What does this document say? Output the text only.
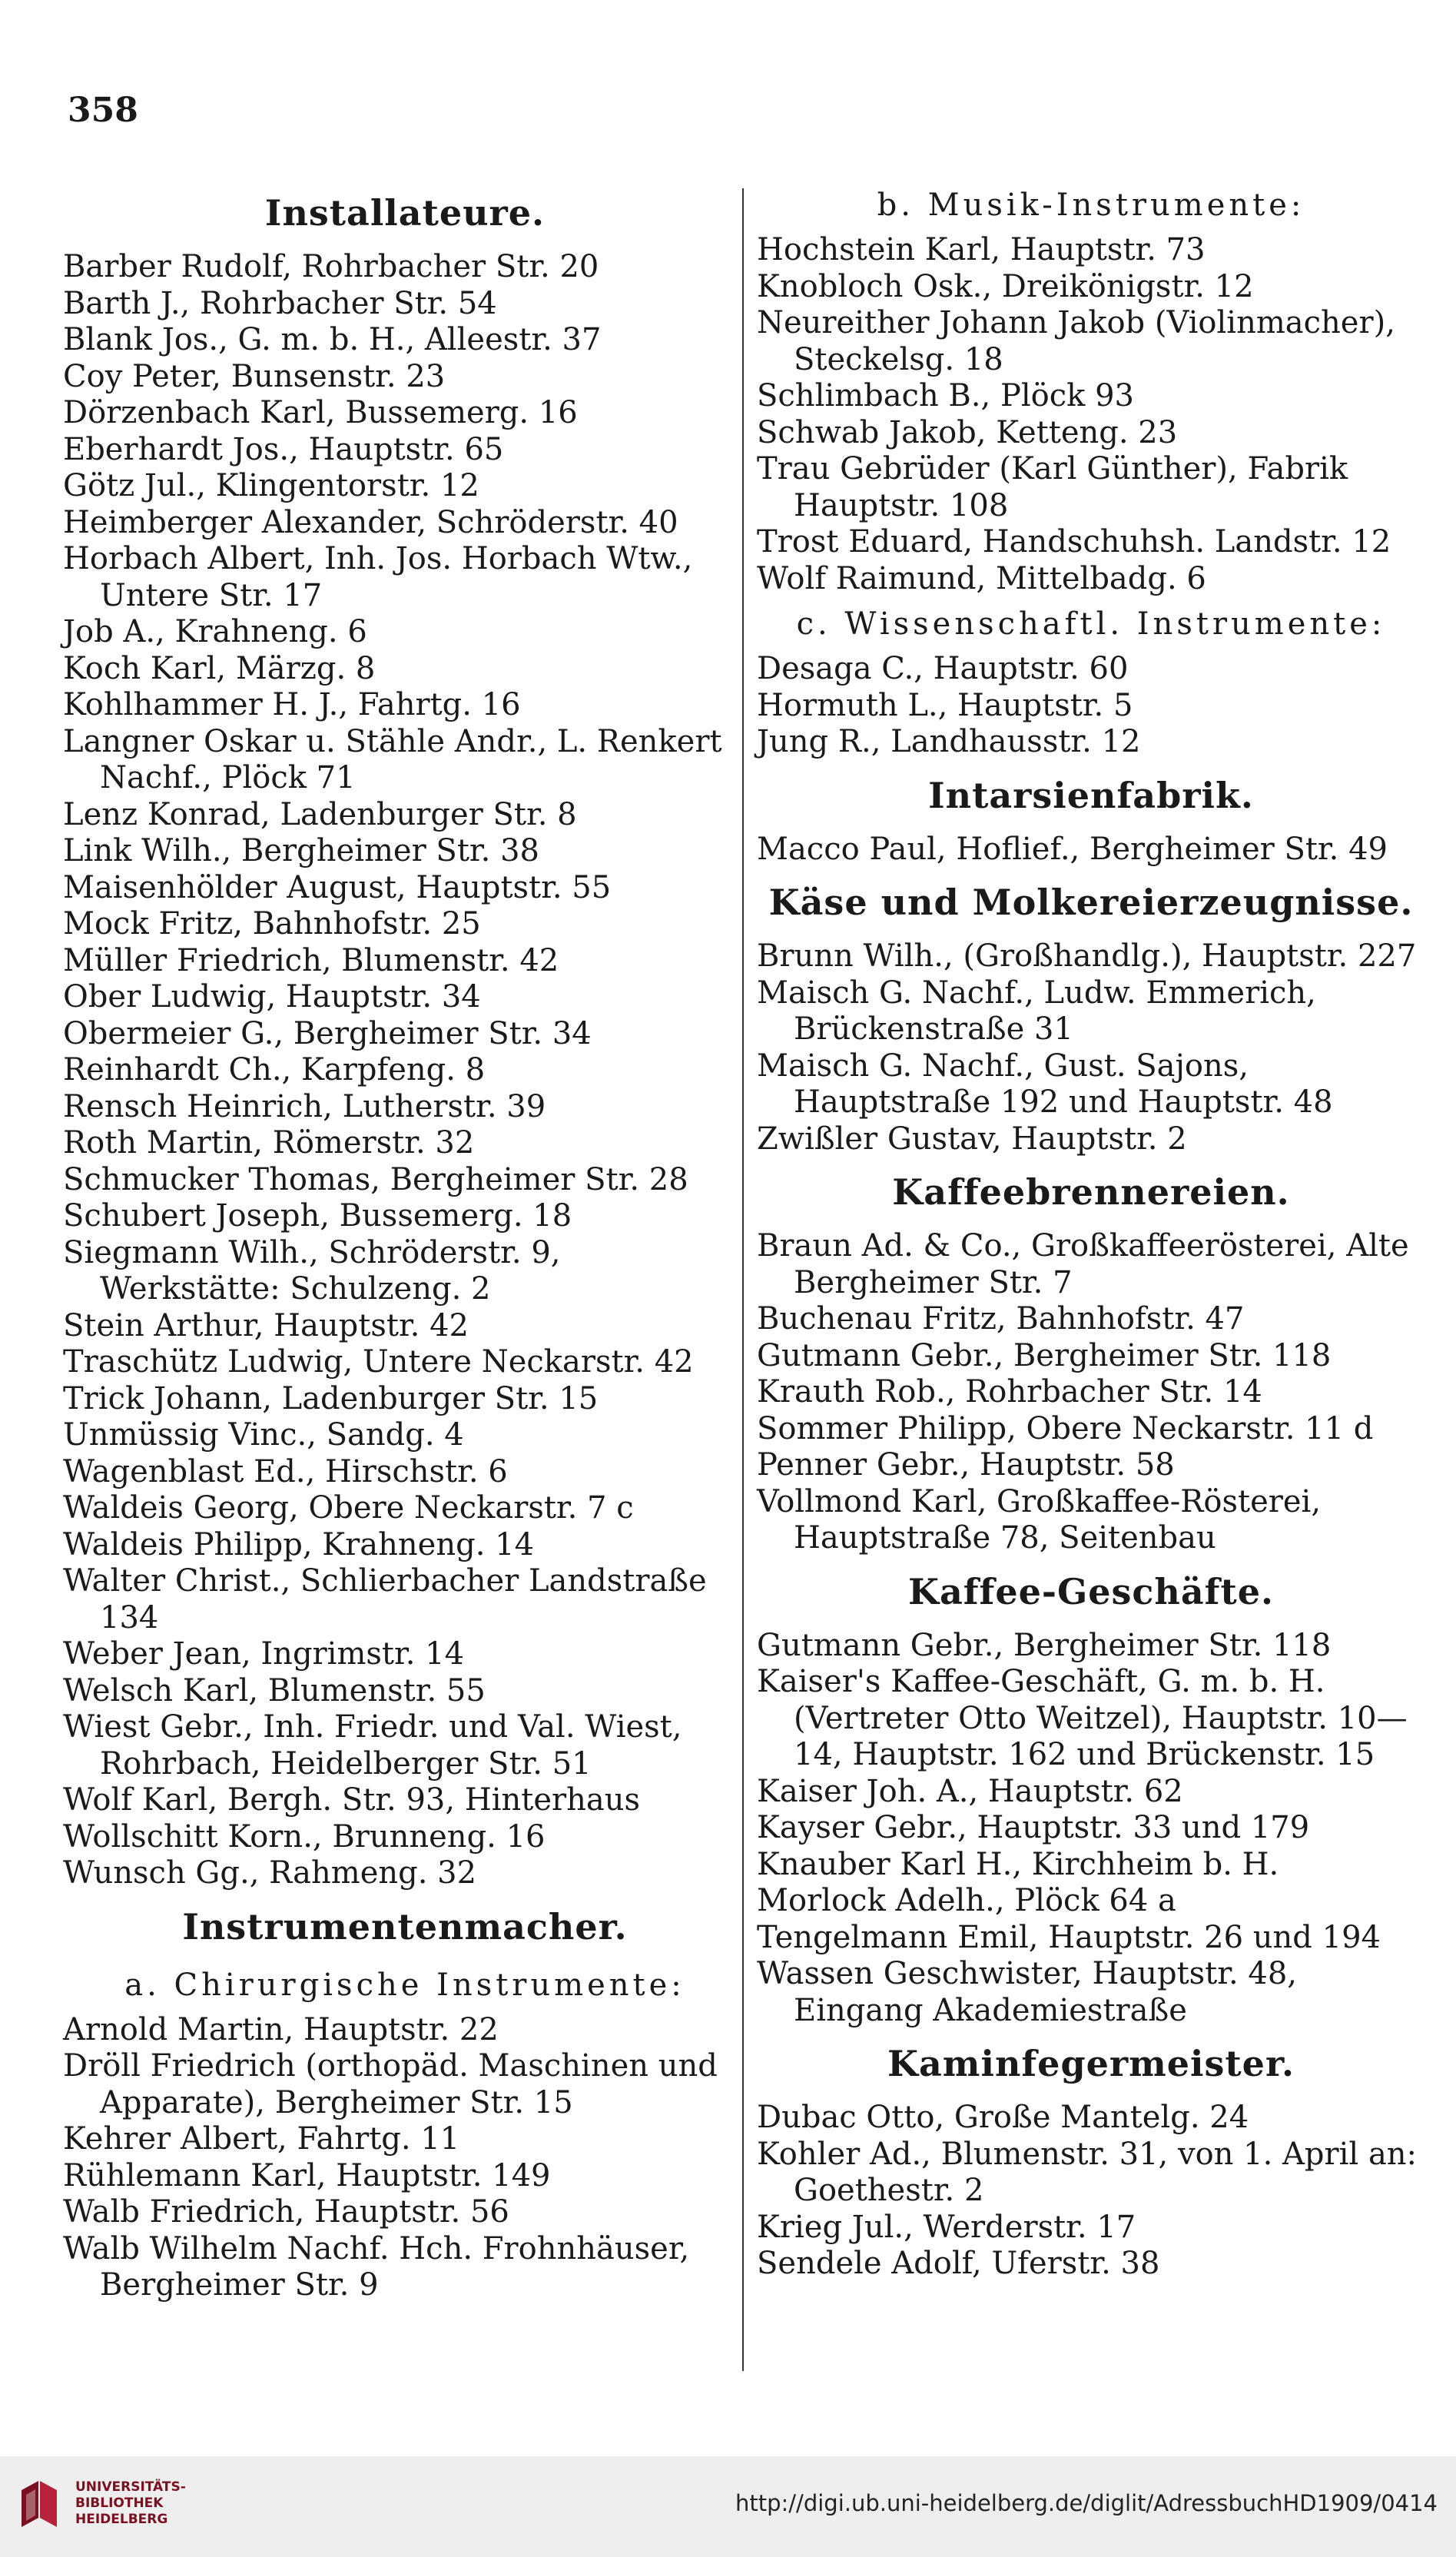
358
Installateure.
Barber Rudolf, Rohrbacher Str. 20
Barth J., Rohrbacher Str. 54
Blank Jos., G. m. b. H., Alleestr. 37
Coy Peter, Bunsenstr. 23
Dörzenbach Karl, Bussemerg. 16
Eberhardt Jos., Hauptstr. 65
Götz Jul., Klingentorstr. 12
Heimberger Alexander, Schröderstr. 40
Horbach Albert, Inh. Jos. Horbach Wtw., Untere Str. 17
Job A., Krahneng. 6
Koch Karl, Märzg. 8
Kohlhammer H. J., Fahrtg. 16
Langner Oskar u. Stähle Andr., L. Renkert Nachf., Plöck 71
Lenz Konrad, Ladenburger Str. 8
Link Wilh., Bergheimer Str. 38
Maisenhölder August, Hauptstr. 55
Mock Fritz, Bahnhofstr. 25
Müller Friedrich, Blumenstr. 42
Ober Ludwig, Hauptstr. 34
Obermeier G., Bergheimer Str. 34
Reinhardt Ch., Karpfeng. 8
Rensch Heinrich, Lutherstr. 39
Roth Martin, Römerstr. 32
Schmucker Thomas, Bergheimer Str. 28
Schubert Joseph, Bussemerg. 18
Siegmann Wilh., Schröderstr. 9, Werkstätte: Schulzeng. 2
Stein Arthur, Hauptstr. 42
Traschütz Ludwig, Untere Neckarstr. 42
Trick Johann, Ladenburger Str. 15
Unmüssig Vinc., Sandg. 4
Wagenblast Ed., Hirschstr. 6
Waldeis Georg, Obere Neckarstr. 7 c
Waldeis Philipp, Krahneng. 14
Walter Christ., Schlierbacher Landstraße 134
Weber Jean, Ingrimstr. 14
Welsch Karl, Blumenstr. 55
Wiest Gebr., Inh. Friedr. und Val. Wiest, Rohrbach, Heidelberger Str. 51
Wolf Karl, Bergh. Str. 93, Hinterhaus
Wollschitt Korn., Brunneng. 16
Wunsch Gg., Rahmeng. 32
Instrumentenmacher.
a. Chirurgische Instrumente:
Arnold Martin, Hauptstr. 22
Dröll Friedrich (orthopäd. Maschinen und Apparate), Bergheimer Str. 15
Kehrer Albert, Fahrtg. 11
Rühlemann Karl, Hauptstr. 149
Walb Friedrich, Hauptstr. 56
Walb Wilhelm Nachf. Hch. Frohnhäuser, Bergheimer Str. 9
b. Musik-Instrumente:
Hochstein Karl, Hauptstr. 73
Knobloch Osk., Dreikönigstr. 12
Neureither Johann Jakob (Violinmacher), Steckelsg. 18
Schlimbach B., Plöck 93
Schwab Jakob, Ketteng. 23
Trau Gebrüder (Karl Günther), Fabrik Hauptstr. 108
Trost Eduard, Handschuhsh. Landstr. 12
Wolf Raimund, Mittelbadg. 6
c. Wissenschaftl. Instrumente:
Desaga C., Hauptstr. 60
Hormuth L., Hauptstr. 5
Jung R., Landhausstr. 12
Intarsienfabrik.
Macco Paul, Hoflief., Bergheimer Str. 49
Käse und Molkereierzeugnisse.
Brunn Wilh., (Großhandlg.), Hauptstr. 227
Maisch G. Nachf., Ludw. Emmerich, Brückenstraße 31
Maisch G. Nachf., Gust. Sajons, Hauptstraße 192 und Hauptstr. 48
Zwißler Gustav, Hauptstr. 2
Kaffeebrennereien.
Braun Ad. & Co., Großkaffeerösterei, Alte Bergheimer Str. 7
Buchenau Fritz, Bahnhofstr. 47
Gutmann Gebr., Bergheimer Str. 118
Krauth Rob., Rohrbacher Str. 14
Sommer Philipp, Obere Neckarstr. 11 d
Penner Gebr., Hauptstr. 58
Vollmond Karl, Großkaffee-Rösterei, Hauptstraße 78, Seitenbau
Kaffee-Geschäfte.
Gutmann Gebr., Bergheimer Str. 118
Kaiser's Kaffee-Geschäft, G. m. b. H. (Vertreter Otto Weitzel), Hauptstr. 10—14, Hauptstr. 162 und Brückenstr. 15
Kaiser Joh. A., Hauptstr. 62
Kayser Gebr., Hauptstr. 33 und 179
Knauber Karl H., Kirchheim b. H.
Morlock Adelh., Plöck 64 a
Tengelmann Emil, Hauptstr. 26 und 194
Wassen Geschwister, Hauptstr. 48, Eingang Akademiestraße
Kaminfegermeister.
Dubac Otto, Große Mantelg. 24
Kohler Ad., Blumenstr. 31, von 1. April an: Goethestr. 2
Krieg Jul., Werderstr. 17
Sendele Adolf, Uferstr. 38
UNIVERSITÄTS-
BIBLIOTHEK
HEIDELBERG
http://digi.ub.uni-heidelberg.de/diglit/AdressbuchHD1909/0414
